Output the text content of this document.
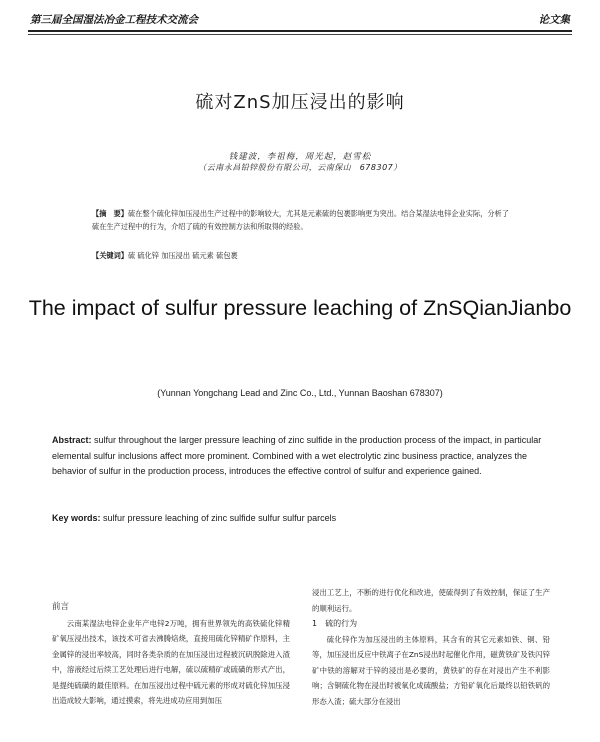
第三届全国湿法冶金工程技术交流会	论文集
硫对ZnS加压浸出的影响
钱建波，李祖梅，周光起，赵雪松
（云南永昌铅锌股份有限公司，云南保山　678307）
【摘　要】硫在整个硫化锌加压浸出生产过程中的影响较大，尤其是元素硫的包裹影响更为突出。结合某湿法电锌企业实际，分析了硫在生产过程中的行为，介绍了硫的有效控制方法和所取得的经验。
【关键词】硫 硫化锌 加压浸出 硫元素 硫包裹
The impact of sulfur pressure leaching of ZnSQianJianbo
(Yunnan Yongchang Lead and Zinc Co., Ltd., Yunnan Baoshan 678307)
Abstract: sulfur throughout the larger pressure leaching of zinc sulfide in the production process of the impact, in particular elemental sulfur inclusions affect more prominent. Combined with a wet electrolytic zinc business practice, analyzes the behavior of sulfur in the production process, introduces the effective control of sulfur and experience gained.
Key words: sulfur pressure leaching of zinc sulfide sulfur sulfur parcels

前言

云南某湿法电锌企业年产电锌2万吨，拥有世界领先的高铁硫化锌精矿氧压浸出技术，该技术可省去沸腾焙烧，直接用硫化锌精矿作原料，主金属锌的浸出率较高，同时各类杂质的在加压浸出过程被沉矾脱除进入渣中，溶液经过后续工艺处理后进行电解，硫以硫精矿或硫磺的形式产出，是提纯硫磺的最佳原料。在加压浸出过程中硫元素的形成对硫化锌加压浸出造成较大影响，通过摸索，将先进成功应用到加压

浸出工艺上，不断的进行优化和改进，使硫得到了有效控制，保证了生产的顺利运行。

1　硫的行为

硫化锌作为加压浸出的主体原料，其含有的其它元素如铁、铜、铅等，加压浸出反应中铁离子在ZnS浸出时起催化作用，磁黄铁矿及铁闪锌矿中铁的溶解对于锌的浸出是必要的，黄铁矿的存在对浸出产生不利影响；含铜硫化物在浸出时被氧化成硫酸盐；方铅矿氧化后最终以铅铁矾的形态入渣；硫大部分在浸出
